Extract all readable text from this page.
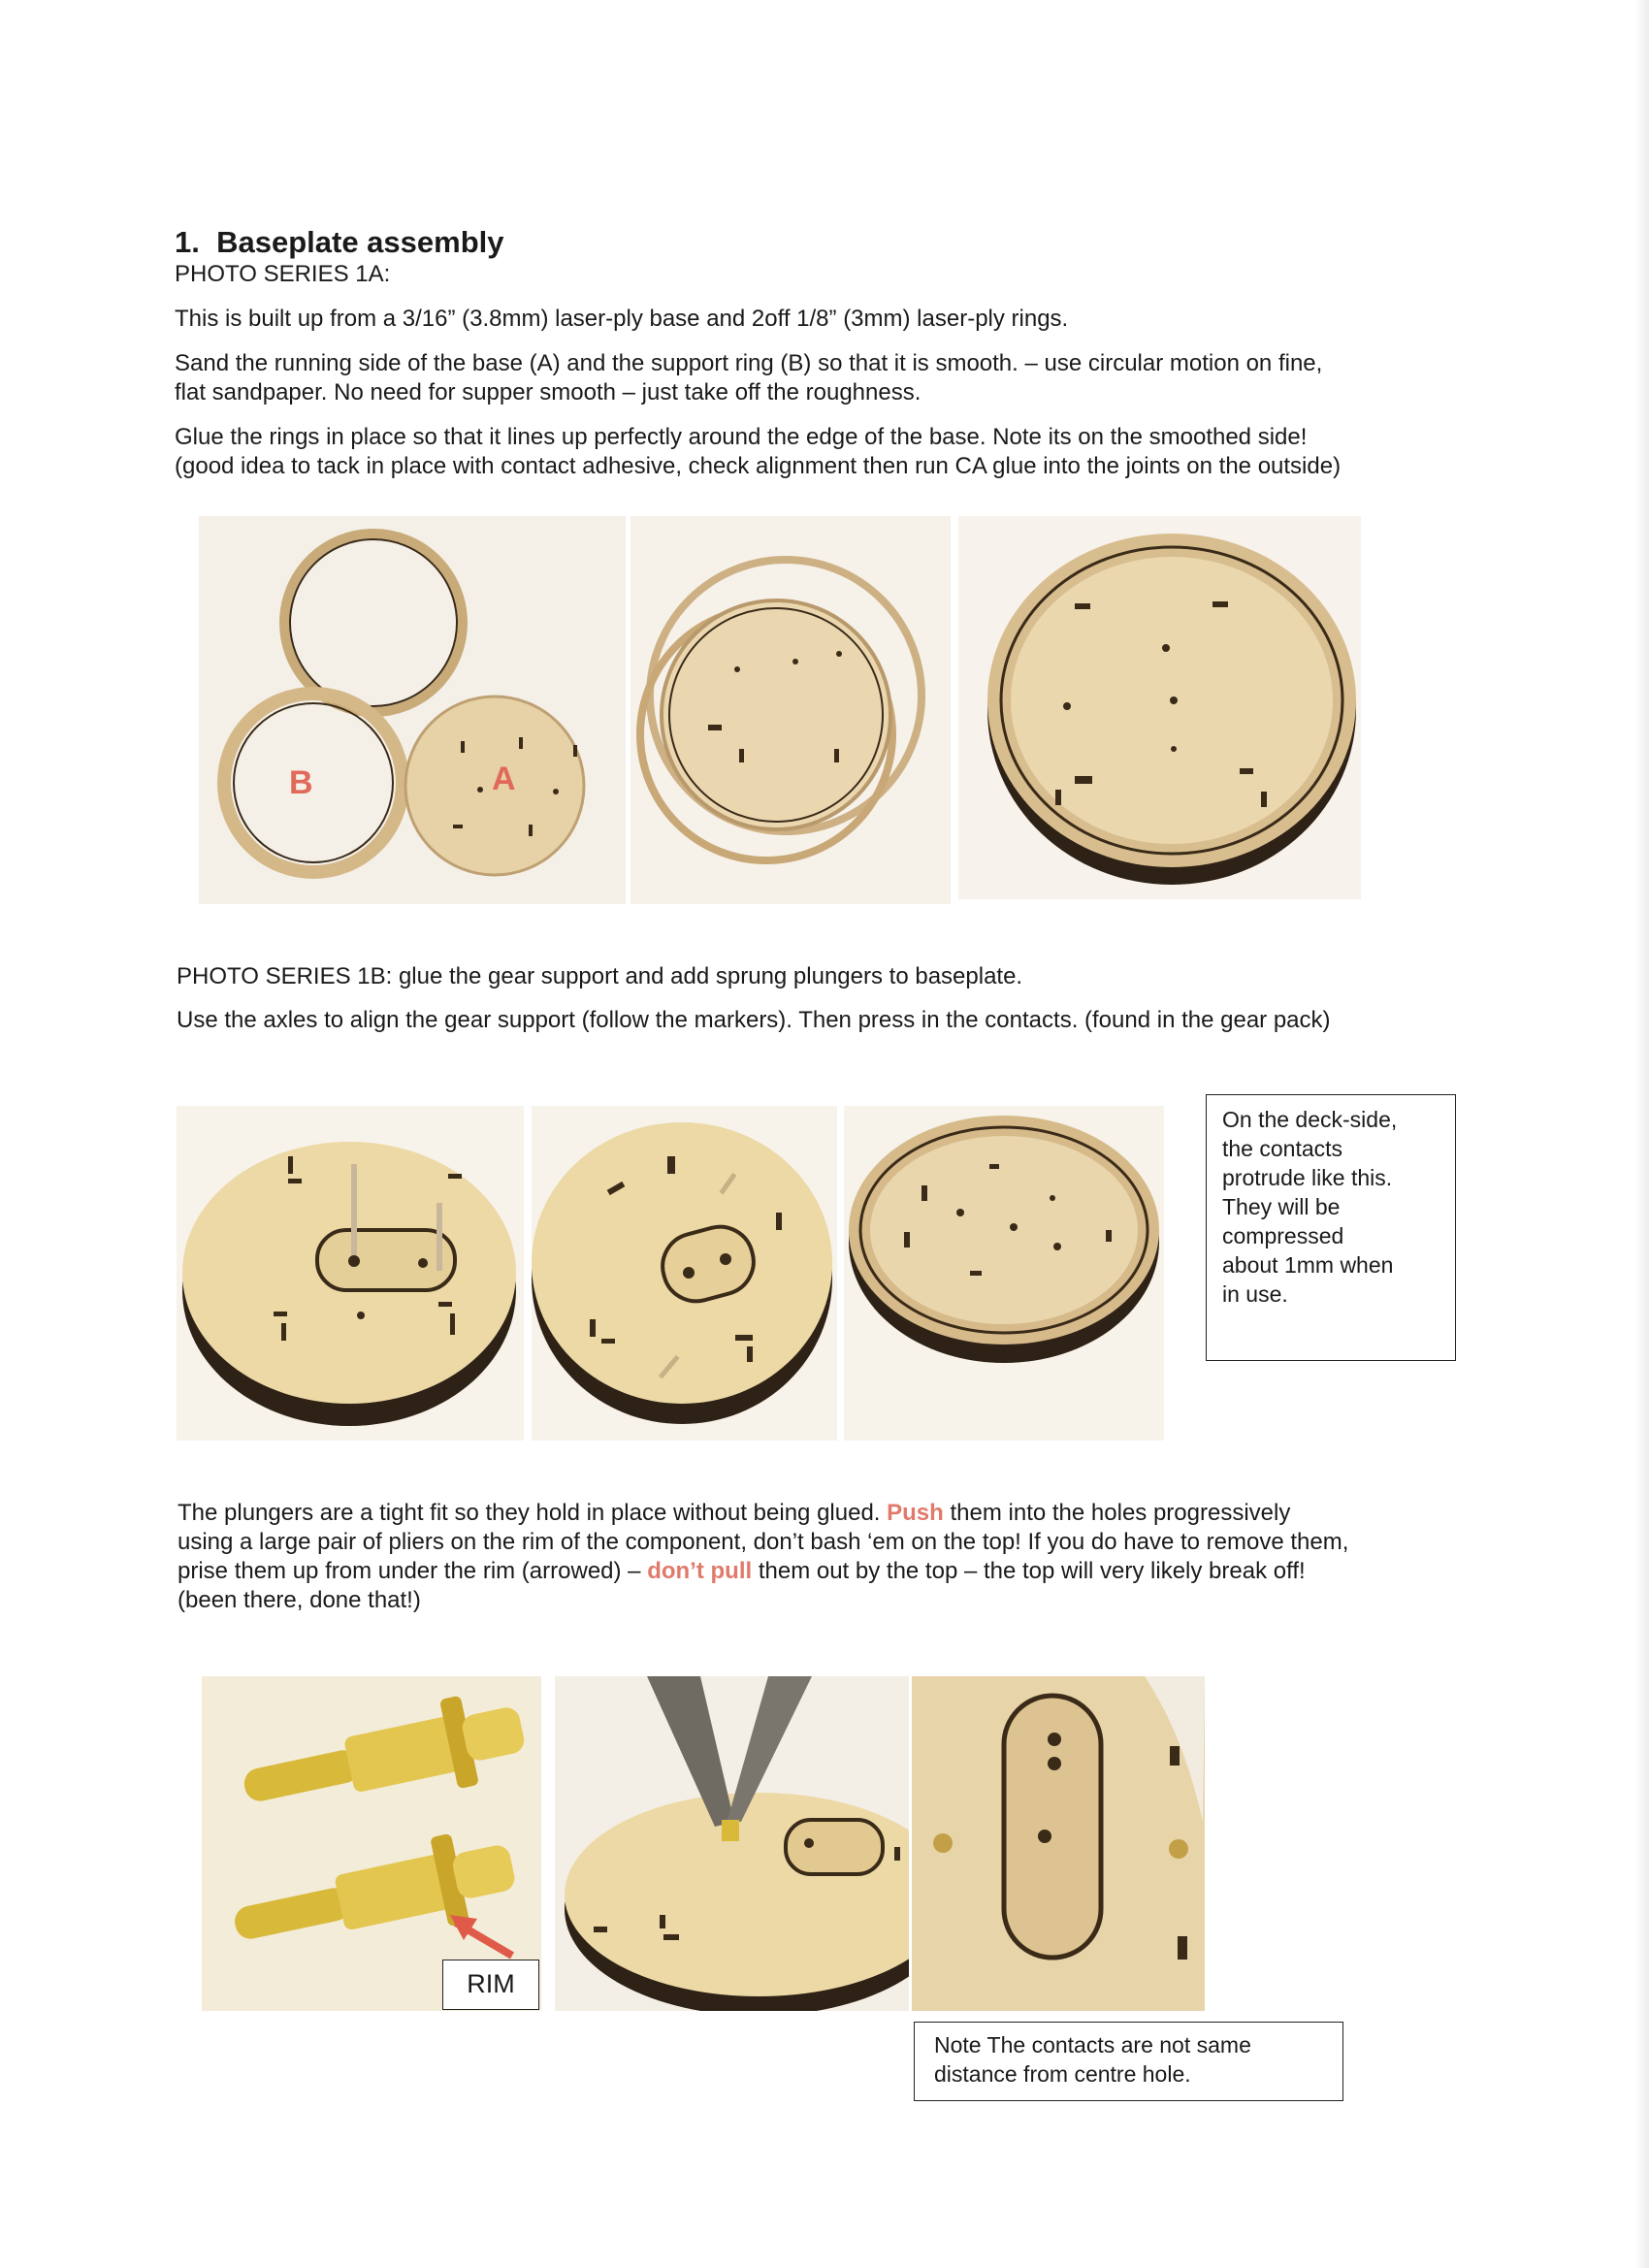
1. Baseplate assembly

PHOTO SERIES 1A:

This is built up from a 3/16” (3.8mm) laser-ply base and 2off 1/8” (3mm) laser-ply rings.

Sand the running side of the base (A) and the support ring (B) so that it is smooth. – use circular motion on fine,

flat sandpaper. No need for supper smooth – just take off the roughness.

Glue the rings in place so that it lines up perfectly around the edge of the base. Note its on the smoothed side!

(good idea to tack in place with contact adhesive, check alignment then run CA glue into the joints on the outside)

B	A

PHOTO SERIES 1B: glue the gear support and add sprung plungers to baseplate.

Use the axles to align the gear support (follow the markers). Then press in the contacts. (found in the gear pack)

On the deck-side,
the contacts
protrude like this.
They will be
compressed
about 1mm when
in use.

The plungers are a tight fit so they hold in place without being glued. Push them into the holes progressively

using a large pair of pliers on the rim of the component, don’t bash ‘em on the top! If you do have to remove them,

prise them up from under the rim (arrowed) – don’t pull them out by the top – the top will very likely break off!

(been there, done that!)

RIM
Note The contacts are not same
distance from centre hole.
